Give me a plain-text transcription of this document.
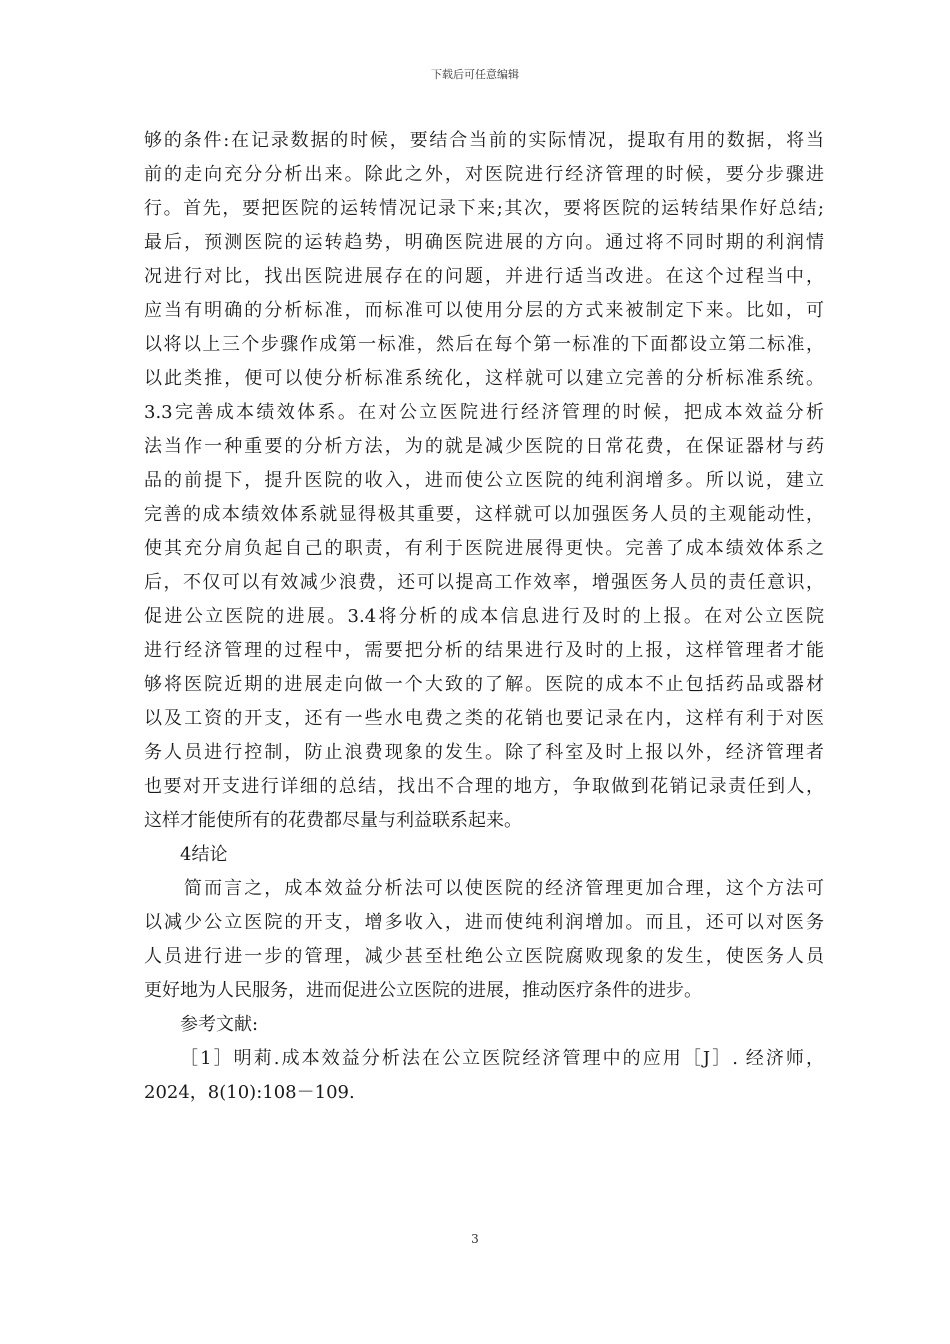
下载后可任意编辑
够的条件:在记录数据的时候，要结合当前的实际情况，提取有用的数据，将当
前的走向充分分析出来。除此之外，对医院进行经济管理的时候，要分步骤进
行。首先，要把医院的运转情况记录下来;其次，要将医院的运转结果作好总结;
最后，预测医院的运转趋势，明确医院进展的方向。通过将不同时期的利润情
况进行对比，找出医院进展存在的问题，并进行适当改进。在这个过程当中，
应当有明确的分析标准，而标准可以使用分层的方式来被制定下来。比如，可
以将以上三个步骤作成第一标准，然后在每个第一标准的下面都设立第二标准，
以此类推，便可以使分析标准系统化，这样就可以建立完善的分析标准系统。
3.3完善成本绩效体系。在对公立医院进行经济管理的时候，把成本效益分析
法当作一种重要的分析方法，为的就是减少医院的日常花费，在保证器材与药
品的前提下，提升医院的收入，进而使公立医院的纯利润增多。所以说，建立
完善的成本绩效体系就显得极其重要，这样就可以加强医务人员的主观能动性，
使其充分肩负起自己的职责，有利于医院进展得更快。完善了成本绩效体系之
后，不仅可以有效减少浪费，还可以提高工作效率，增强医务人员的责任意识，
促进公立医院的进展。3.4将分析的成本信息进行及时的上报。在对公立医院
进行经济管理的过程中，需要把分析的结果进行及时的上报，这样管理者才能
够将医院近期的进展走向做一个大致的了解。医院的成本不止包括药品或器材
以及工资的开支，还有一些水电费之类的花销也要记录在内，这样有利于对医
务人员进行控制，防止浪费现象的发生。除了科室及时上报以外，经济管理者
也要对开支进行详细的总结，找出不合理的地方，争取做到花销记录责任到人，
这样才能使所有的花费都尽量与利益联系起来。
4结论
简而言之，成本效益分析法可以使医院的经济管理更加合理，这个方法可
以减少公立医院的开支，增多收入，进而使纯利润增加。而且，还可以对医务
人员进行进一步的管理，减少甚至杜绝公立医院腐败现象的发生，使医务人员
更好地为人民服务，进而促进公立医院的进展，推动医疗条件的进步。
参考文献:
［1］明莉.成本效益分析法在公立医院经济管理中的应用［J］. 经济师，
2024，8(10):108－109.
3
